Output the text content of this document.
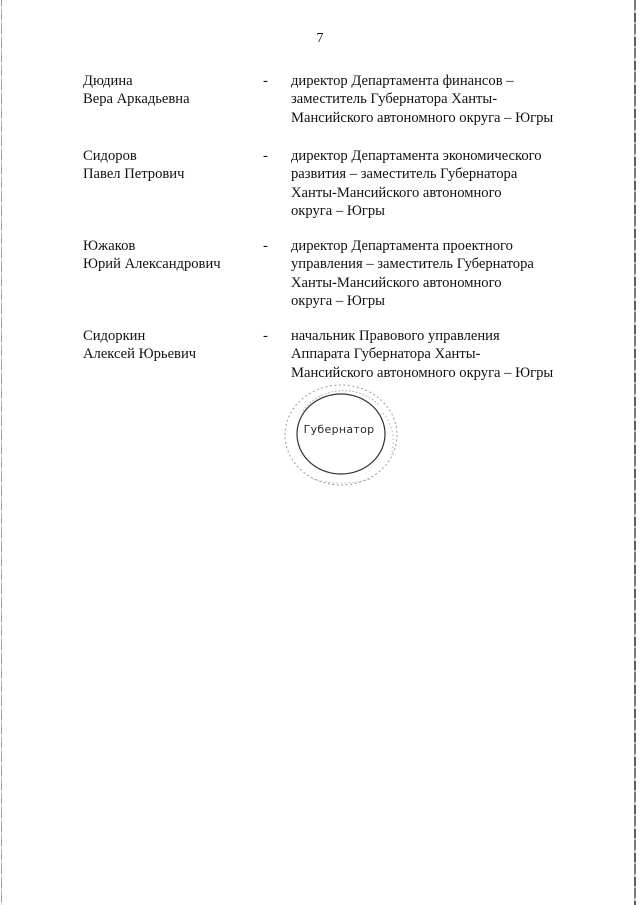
7
Дюдина
Вера Аркадьевна
- директор Департамента финансов –
заместитель Губернатора Ханты-
Мансийского автономного округа – Югры
Сидоров
Павел Петрович
- директор Департамента экономического
развития – заместитель Губернатора
Ханты-Мансийского автономного
округа – Югры
Южаков
Юрий Александрович
- директор Департамента проектного
управления – заместитель Губернатора
Ханты-Мансийского автономного
округа – Югры
Сидоркин
Алексей Юрьевич
- начальник Правового управления
Аппарата Губернатора Ханты-
Мансийского автономного округа – Югры
Губернатор
